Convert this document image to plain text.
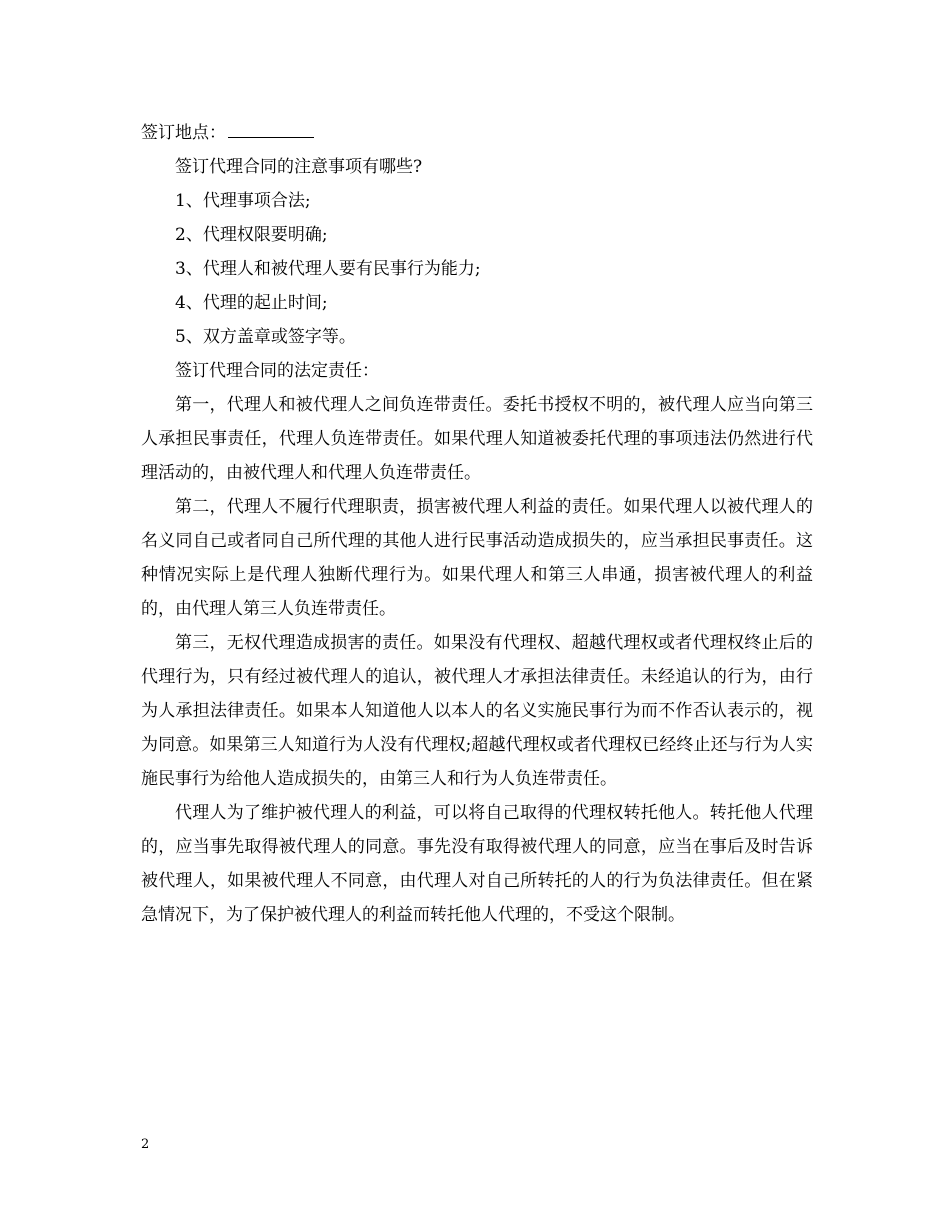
签订地点：

签订代理合同的注意事项有哪些?

1、代理事项合法;

2、代理权限要明确;

3、代理人和被代理人要有民事行为能力;

4、代理的起止时间;

5、双方盖章或签字等。

签订代理合同的法定责任：

第一，代理人和被代理人之间负连带责任。委托书授权不明的，被代理人应当向第三人承担民事责任，代理人负连带责任。如果代理人知道被委托代理的事项违法仍然进行代理活动的，由被代理人和代理人负连带责任。

第二，代理人不履行代理职责，损害被代理人利益的责任。如果代理人以被代理人的名义同自己或者同自己所代理的其他人进行民事活动造成损失的，应当承担民事责任。这种情况实际上是代理人独断代理行为。如果代理人和第三人串通，损害被代理人的利益的，由代理人第三人负连带责任。

第三，无权代理造成损害的责任。如果没有代理权、超越代理权或者代理权终止后的代理行为，只有经过被代理人的追认，被代理人才承担法律责任。未经追认的行为，由行为人承担法律责任。如果本人知道他人以本人的名义实施民事行为而不作否认表示的，视为同意。如果第三人知道行为人没有代理权;超越代理权或者代理权已经终止还与行为人实施民事行为给他人造成损失的，由第三人和行为人负连带责任。

代理人为了维护被代理人的利益，可以将自己取得的代理权转托他人。转托他人代理的，应当事先取得被代理人的同意。事先没有取得被代理人的同意，应当在事后及时告诉被代理人，如果被代理人不同意，由代理人对自己所转托的人的行为负法律责任。但在紧急情况下，为了保护被代理人的利益而转托他人代理的，不受这个限制。

2
